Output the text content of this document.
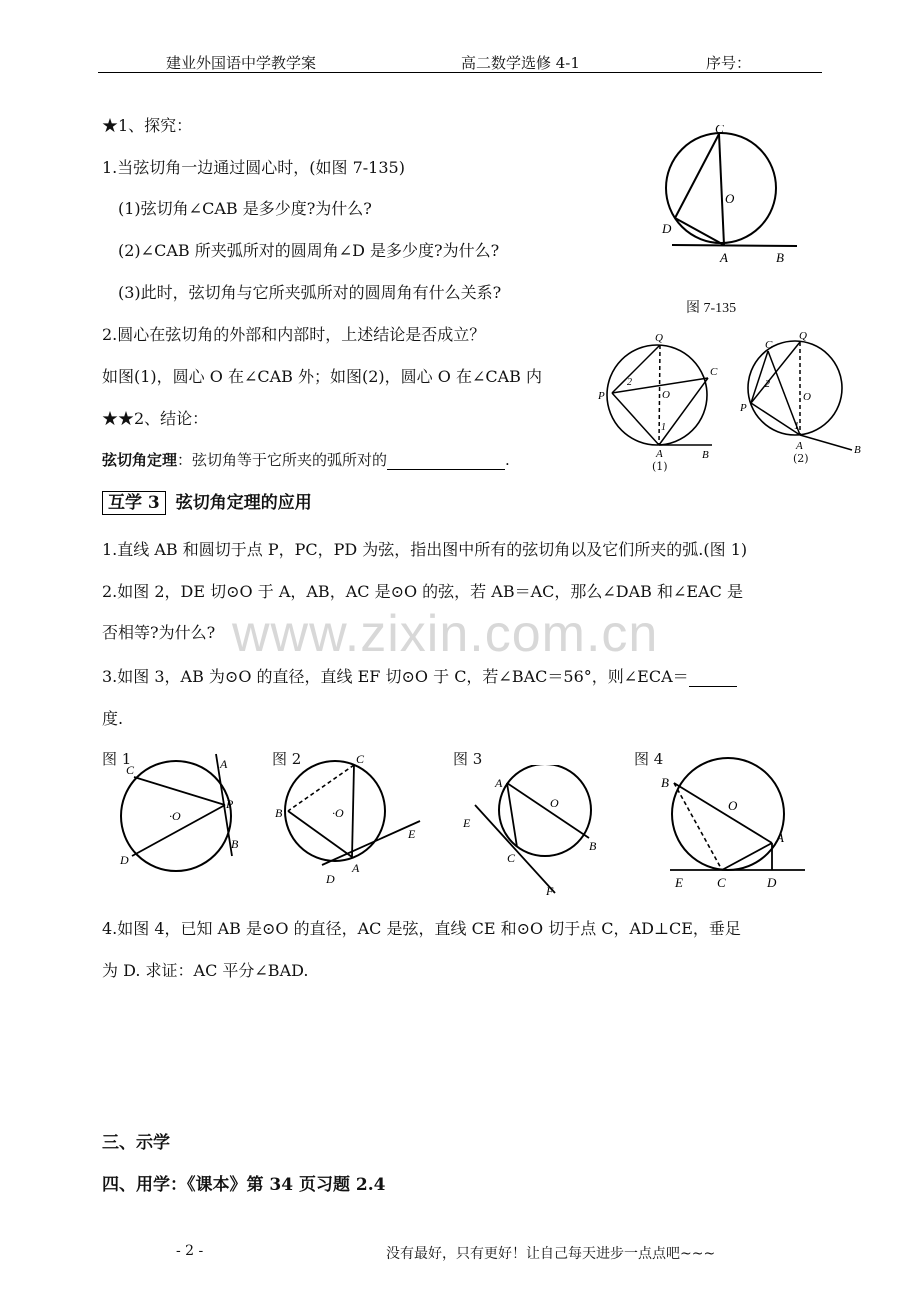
建业外国语中学教学案	高二数学选修 4-1	序号：
★1、探究：
1.当弦切角一边通过圆心时，(如图 7-135)
(1)弦切角∠CAB 是多少度?为什么?
(2)∠CAB 所夹弧所对的圆周角∠D 是多少度?为什么?
(3)此时，弦切角与它所夹弧所对的圆周角有什么关系?
2.圆心在弦切角的外部和内部时，上述结论是否成立？
如图(1)，圆心 O 在∠CAB 外；如图(2)，圆心 O 在∠CAB 内
★★2、结论：
弦切角定理：弦切角等于它所夹的弧所对的	.
互学 3 弦切角定理的应用
1.直线 AB 和圆切于点 P，PC，PD 为弦，指出图中所有的弦切角以及它们所夹的弧.(图 1)
2.如图 2，DE 切⊙O 于 A，AB，AC 是⊙O 的弦，若 AB＝AC，那么∠DAB 和∠EAC 是
否相等?为什么? www.zixin.com.cn
3.如图 3，AB 为⊙O 的直径，直线 EF 切⊙O 于 C，若∠BAC＝56°，则∠ECA＝
度.
图 1	图 2	图 3	图 4
4.如图 4，已知 AB 是⊙O 的直径，AC 是弦，直线 CE 和⊙O 切于点 C，AD⊥CE，垂足
为 D. 求证：AC 平分∠BAD.
三、示学
四、用学：《课本》第 34 页习题 2.4
- 2 -	没有最好，只有更好！让自己每天进步一点点吧~~~
C
O
D
A	B
图 7-135
Q
C
P	O
2
1
A	B
C
Q
P
O
2
1
A	B
(1)
(2)
C	A
·O
P
B
D
C
B	·O
E
A
D
A
O
E
B
C
F
B
O
A
E	C	D
